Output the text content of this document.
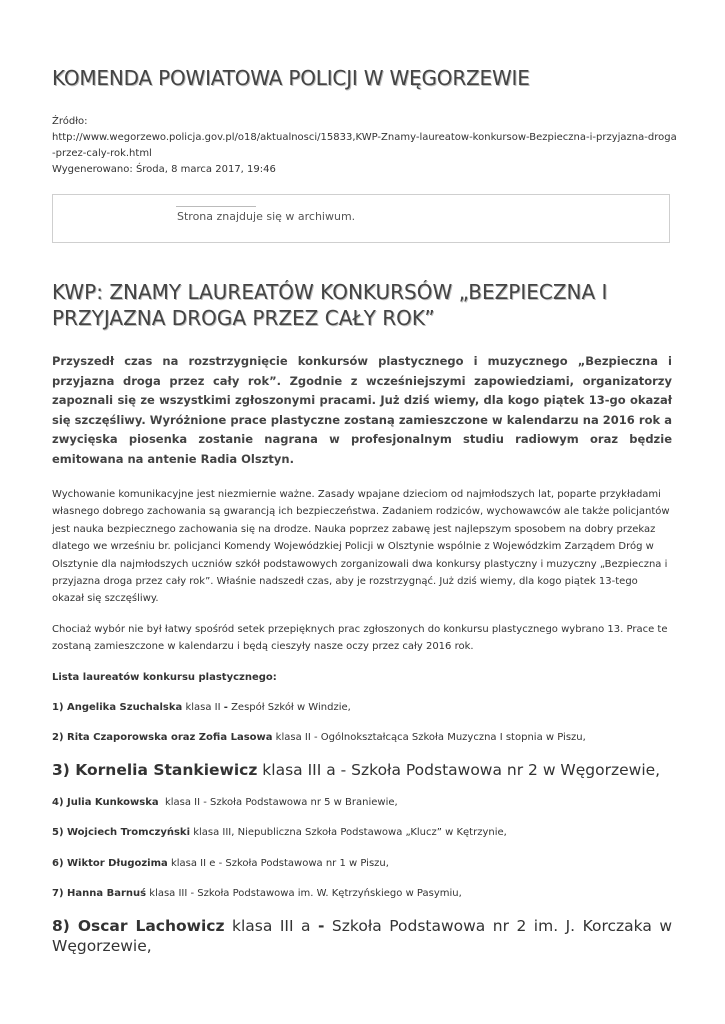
KOMENDA POWIATOWA POLICJI W WĘGORZEWIE
Źródło:
http://www.wegorzewo.policja.gov.pl/o18/aktualnosci/15833,KWP-Znamy-laureatow-konkursow-Bezpieczna-i-przyjazna-droga-przez-caly-rok.html
Wygenerowano: Środa, 8 marca 2017, 19:46
Strona znajduje się w archiwum.
KWP: ZNAMY LAUREATÓW KONKURSÓW „BEZPIECZNA I PRZYJAZNA DROGA PRZEZ CAŁY ROK”

Przyszedł czas na rozstrzygnięcie konkursów plastycznego i muzycznego „Bezpieczna i przyjazna droga przez cały rok”. Zgodnie z wcześniejszymi zapowiedziami, organizatorzy zapoznali się ze wszystkimi zgłoszonymi pracami. Już dziś wiemy, dla kogo piątek 13-go okazał się szczęśliwy. Wyróżnione prace plastyczne zostaną zamieszczone w kalendarzu na 2016 rok a zwycięska piosenka zostanie nagrana w profesjonalnym studiu radiowym oraz będzie emitowana na antenie Radia Olsztyn.

Wychowanie komunikacyjne jest niezmiernie ważne. Zasady wpajane dzieciom od najmłodszych lat, poparte przykładami własnego dobrego zachowania są gwarancją ich bezpieczeństwa. Zadaniem rodziców, wychowawców ale także policjantów jest nauka bezpiecznego zachowania się na drodze. Nauka poprzez zabawę jest najlepszym sposobem na dobry przekaz dlatego we wrześniu br. policjanci Komendy Wojewódzkiej Policji w Olsztynie wspólnie z Wojewódzkim Zarządem Dróg w Olsztynie dla najmłodszych uczniów szkół podstawowych zorganizowali dwa konkursy plastyczny i muzyczny „Bezpieczna i przyjazna droga przez cały rok”. Właśnie nadszedł czas, aby je rozstrzygnąć. Już dziś wiemy, dla kogo piątek 13-tego okazał się szczęśliwy.

Chociaż wybór nie był łatwy spośród setek przepięknych prac zgłoszonych do konkursu plastycznego wybrano 13. Prace te zostaną zamieszczone w kalendarzu i będą cieszyły nasze oczy przez cały 2016 rok.

Lista laureatów konkursu plastycznego:

1) Angelika Szuchalska klasa II - Zespół Szkół w Windzie,
2) Rita Czaporowska oraz Zofia Lasowa klasa II - Ogólnokształcąca Szkoła Muzyczna I stopnia w Piszu,
3) Kornelia Stankiewicz klasa III a - Szkoła Podstawowa nr 2 w Węgorzewie,
4) Julia Kunkowska  klasa II - Szkoła Podstawowa nr 5 w Braniewie,
5) Wojciech Tromczyński klasa III, Niepubliczna Szkoła Podstawowa „Klucz” w Kętrzynie,
6) Wiktor Długozima klasa II e - Szkoła Podstawowa nr 1 w Piszu,
7) Hanna Barnuś klasa III - Szkoła Podstawowa im. W. Kętrzyńskiego w Pasymiu,
8) Oscar Lachowicz klasa III a - Szkoła Podstawowa nr 2 im. J. Korczaka w Węgorzewie,
